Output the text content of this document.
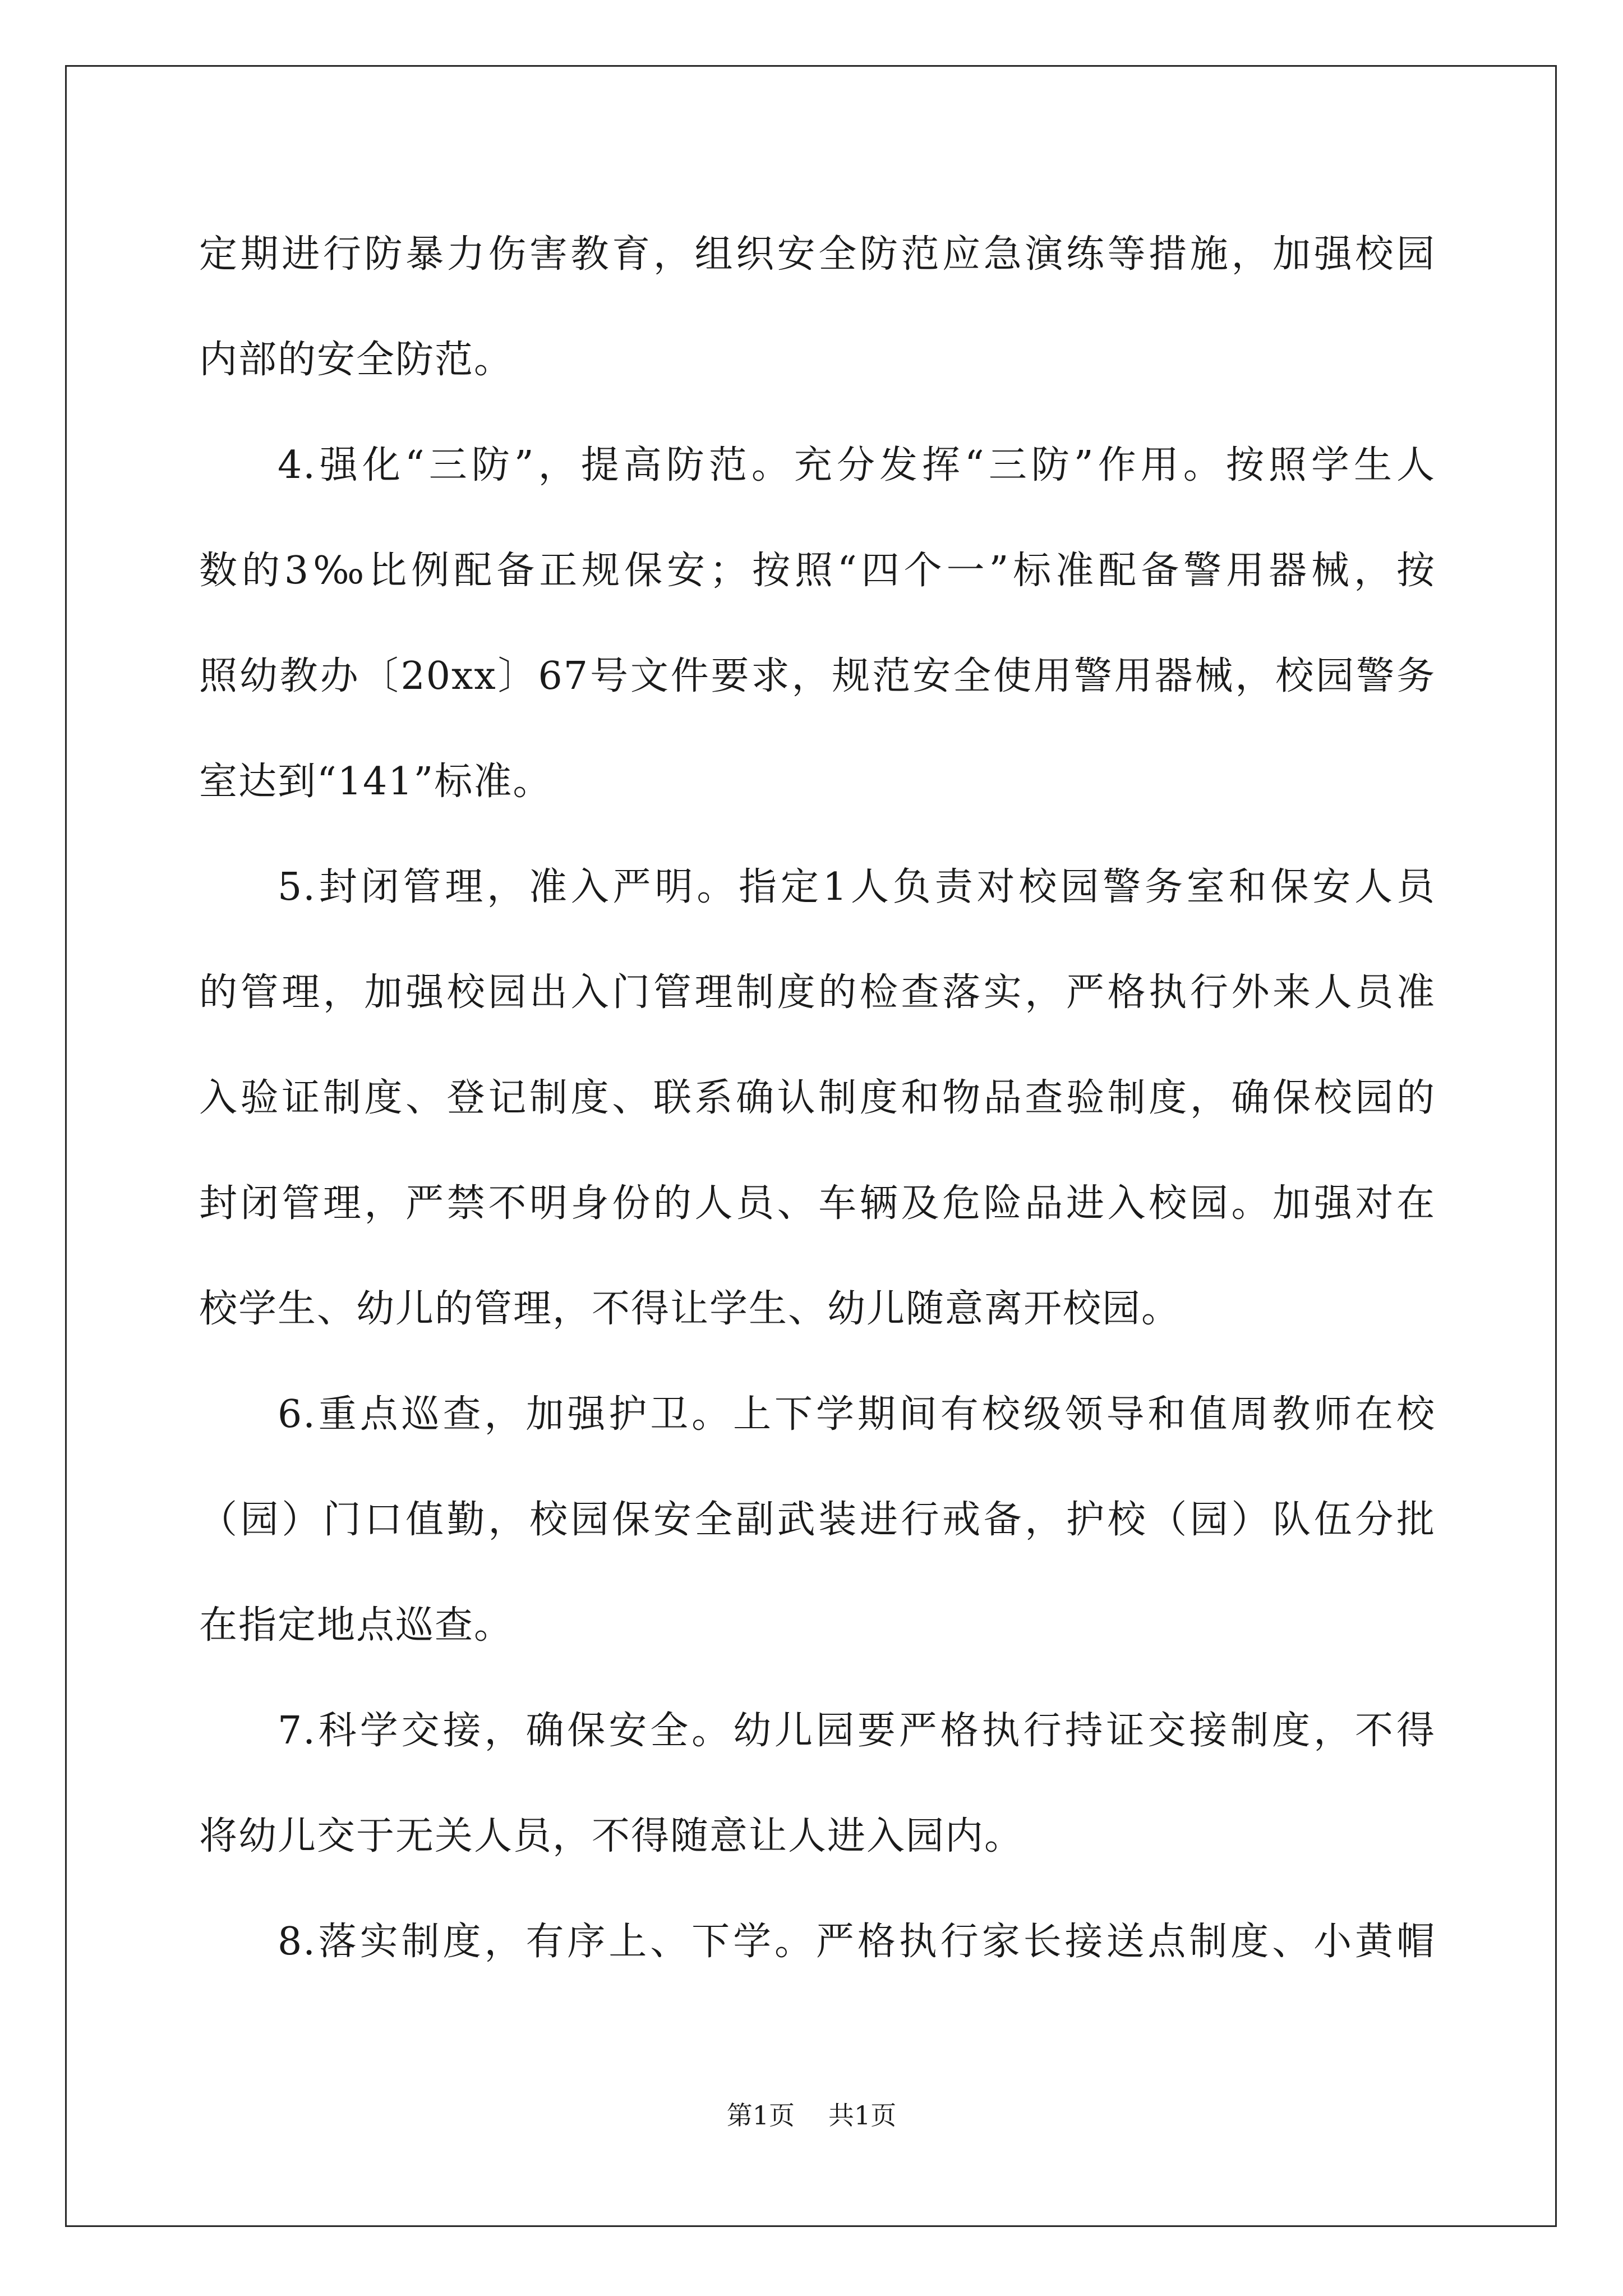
定期进行防暴力伤害教育，组织安全防范应急演练等措施，加强校园
内部的安全防范。
4.强化“三防”，提高防范。充分发挥“三防”作用。按照学生人
数的3‰比例配备正规保安；按照“四个一”标准配备警用器械，按
照幼教办〔20xx〕67号文件要求，规范安全使用警用器械，校园警务
室达到“141”标准。
5.封闭管理，准入严明。指定1人负责对校园警务室和保安人员
的管理，加强校园出入门管理制度的检查落实，严格执行外来人员准
入验证制度、登记制度、联系确认制度和物品查验制度，确保校园的
封闭管理，严禁不明身份的人员、车辆及危险品进入校园。加强对在
校学生、幼儿的管理，不得让学生、幼儿随意离开校园。
6.重点巡查，加强护卫。上下学期间有校级领导和值周教师在校
（园）门口值勤，校园保安全副武装进行戒备，护校（园）队伍分批
在指定地点巡查。
7.科学交接，确保安全。幼儿园要严格执行持证交接制度，不得
将幼儿交于无关人员，不得随意让人进入园内。
8.落实制度，有序上、下学。严格执行家长接送点制度、小黄帽
第1页 共1页
